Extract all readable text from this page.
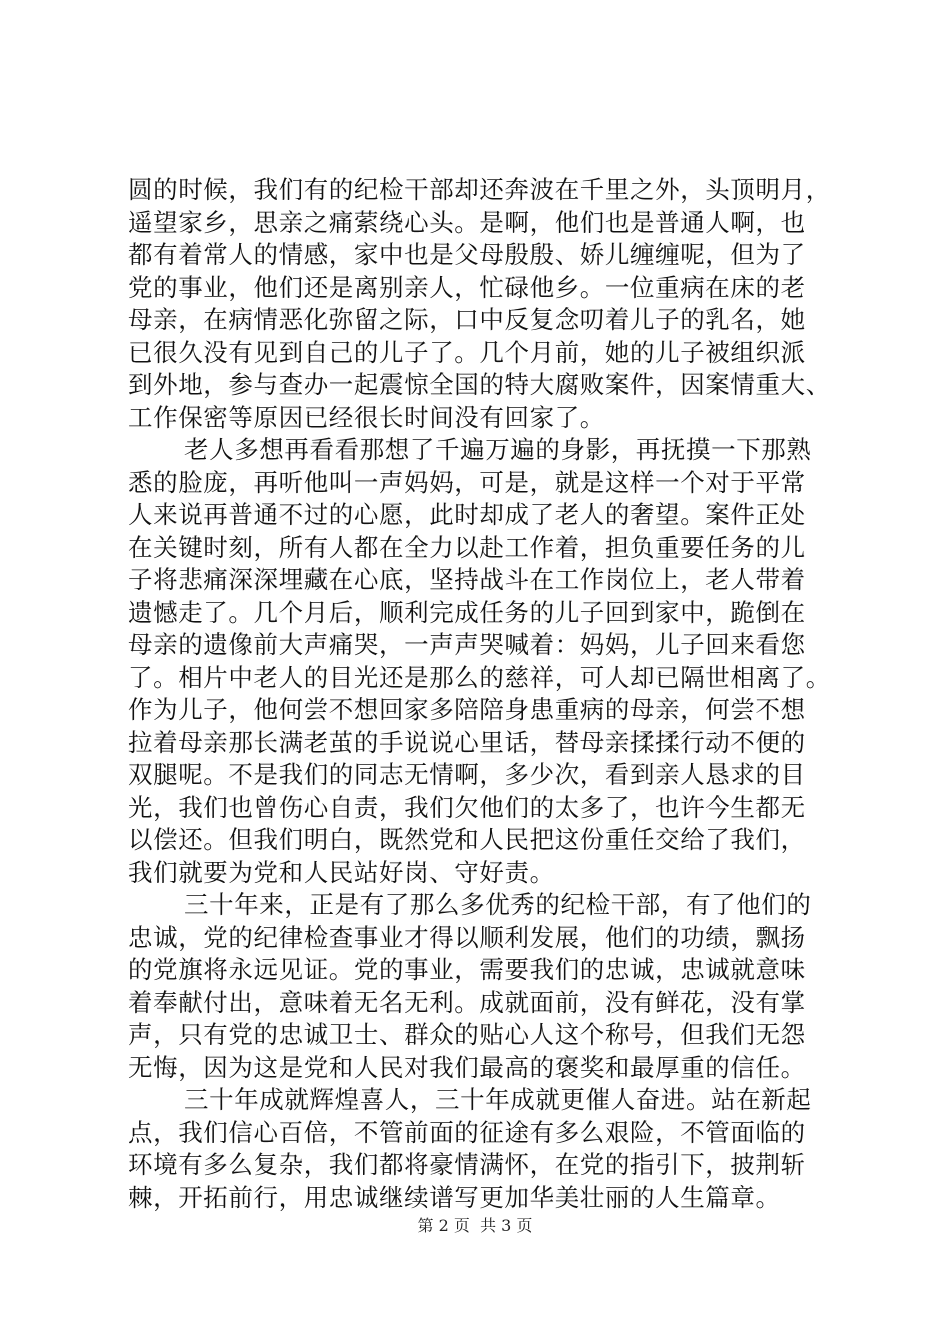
圆的时候，我们有的纪检干部却还奔波在千里之外，头顶明月，
遥望家乡，思亲之痛萦绕心头。是啊，他们也是普通人啊，也
都有着常人的情感，家中也是父母殷殷、娇儿缠缠呢，但为了
党的事业，他们还是离别亲人，忙碌他乡。一位重病在床的老
母亲，在病情恶化弥留之际，口中反复念叨着儿子的乳名，她
已很久没有见到自己的儿子了。几个月前，她的儿子被组织派
到外地，参与查办一起震惊全国的特大腐败案件，因案情重大、
工作保密等原因已经很长时间没有回家了。
老人多想再看看那想了千遍万遍的身影，再抚摸一下那熟
悉的脸庞，再听他叫一声妈妈，可是，就是这样一个对于平常
人来说再普通不过的心愿，此时却成了老人的奢望。案件正处
在关键时刻，所有人都在全力以赴工作着，担负重要任务的儿
子将悲痛深深埋藏在心底，坚持战斗在工作岗位上，老人带着
遗憾走了。几个月后，顺利完成任务的儿子回到家中，跪倒在
母亲的遗像前大声痛哭，一声声哭喊着：妈妈，儿子回来看您
了。相片中老人的目光还是那么的慈祥，可人却已隔世相离了。
作为儿子，他何尝不想回家多陪陪身患重病的母亲，何尝不想
拉着母亲那长满老茧的手说说心里话，替母亲揉揉行动不便的
双腿呢。不是我们的同志无情啊，多少次，看到亲人恳求的目
光，我们也曾伤心自责，我们欠他们的太多了，也许今生都无
以偿还。但我们明白，既然党和人民把这份重任交给了我们，
我们就要为党和人民站好岗、守好责。
三十年来，正是有了那么多优秀的纪检干部，有了他们的
忠诚，党的纪律检查事业才得以顺利发展，他们的功绩，飘扬
的党旗将永远见证。党的事业，需要我们的忠诚，忠诚就意味
着奉献付出，意味着无名无利。成就面前，没有鲜花，没有掌
声，只有党的忠诚卫士、群众的贴心人这个称号，但我们无怨
无悔，因为这是党和人民对我们最高的褒奖和最厚重的信任。
三十年成就辉煌喜人，三十年成就更催人奋进。站在新起
点，我们信心百倍，不管前面的征途有多么艰险，不管面临的
环境有多么复杂，我们都将豪情满怀，在党的指引下，披荆斩
棘，开拓前行，用忠诚继续谱写更加华美壮丽的人生篇章。
第 2 页  共 3 页
